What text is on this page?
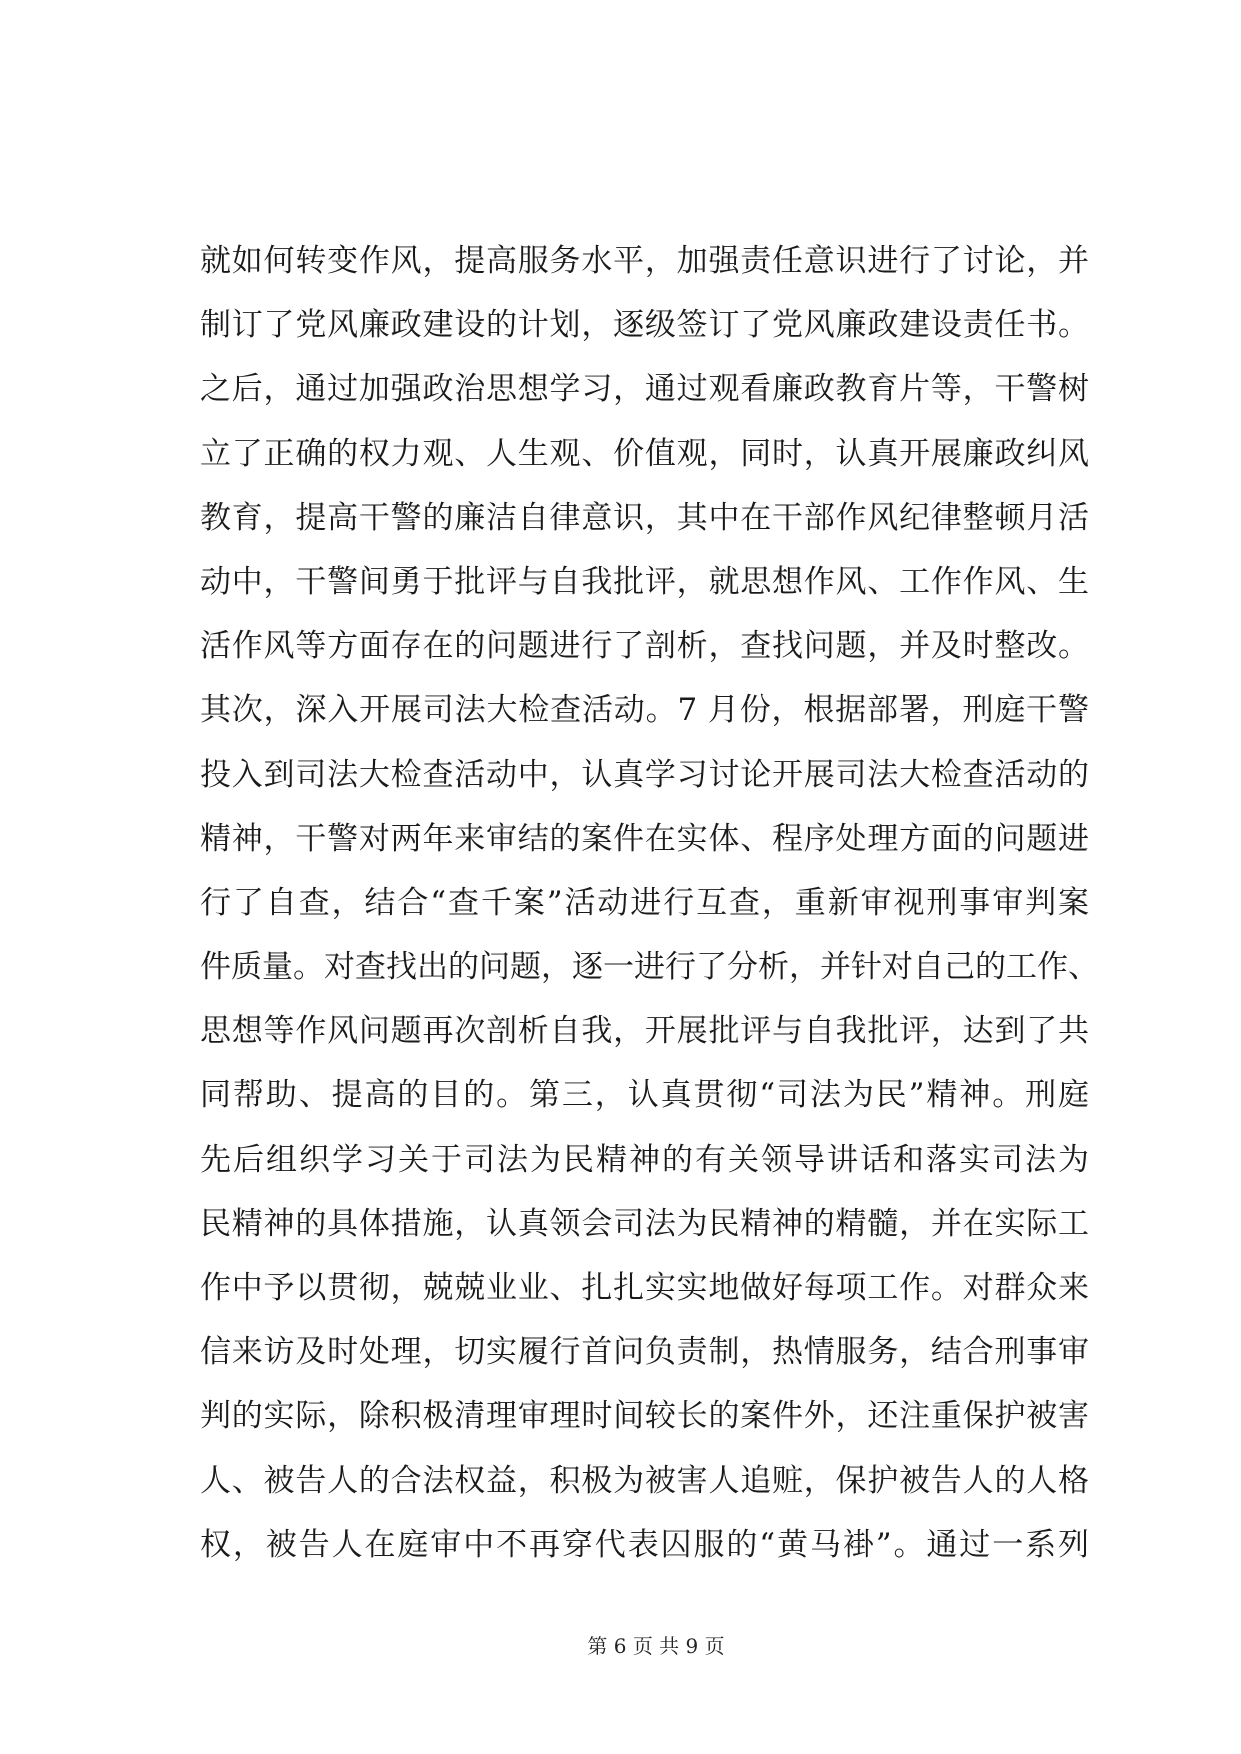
就如何转变作风，提高服务水平，加强责任意识进行了讨论，并
制订了党风廉政建设的计划，逐级签订了党风廉政建设责任书。
之后，通过加强政治思想学习，通过观看廉政教育片等，干警树
立了正确的权力观、人生观、价值观，同时，认真开展廉政纠风
教育，提高干警的廉洁自律意识，其中在干部作风纪律整顿月活
动中，干警间勇于批评与自我批评，就思想作风、工作作风、生
活作风等方面存在的问题进行了剖析，查找问题，并及时整改。
其次，深入开展司法大检查活动。7 月份，根据部署，刑庭干警
投入到司法大检查活动中，认真学习讨论开展司法大检查活动的
精神，干警对两年来审结的案件在实体、程序处理方面的问题进
行了自查，结合“查千案”活动进行互查，重新审视刑事审判案
件质量。对查找出的问题，逐一进行了分析，并针对自己的工作、
思想等作风问题再次剖析自我，开展批评与自我批评，达到了共
同帮助、提高的目的。第三，认真贯彻“司法为民”精神。刑庭
先后组织学习关于司法为民精神的有关领导讲话和落实司法为
民精神的具体措施，认真领会司法为民精神的精髓，并在实际工
作中予以贯彻，兢兢业业、扎扎实实地做好每项工作。对群众来
信来访及时处理，切实履行首问负责制，热情服务，结合刑事审
判的实际，除积极清理审理时间较长的案件外，还注重保护被害
人、被告人的合法权益，积极为被害人追赃，保护被告人的人格
权，被告人在庭审中不再穿代表囚服的“黄马褂”。通过一系列
第 6 页 共 9 页
